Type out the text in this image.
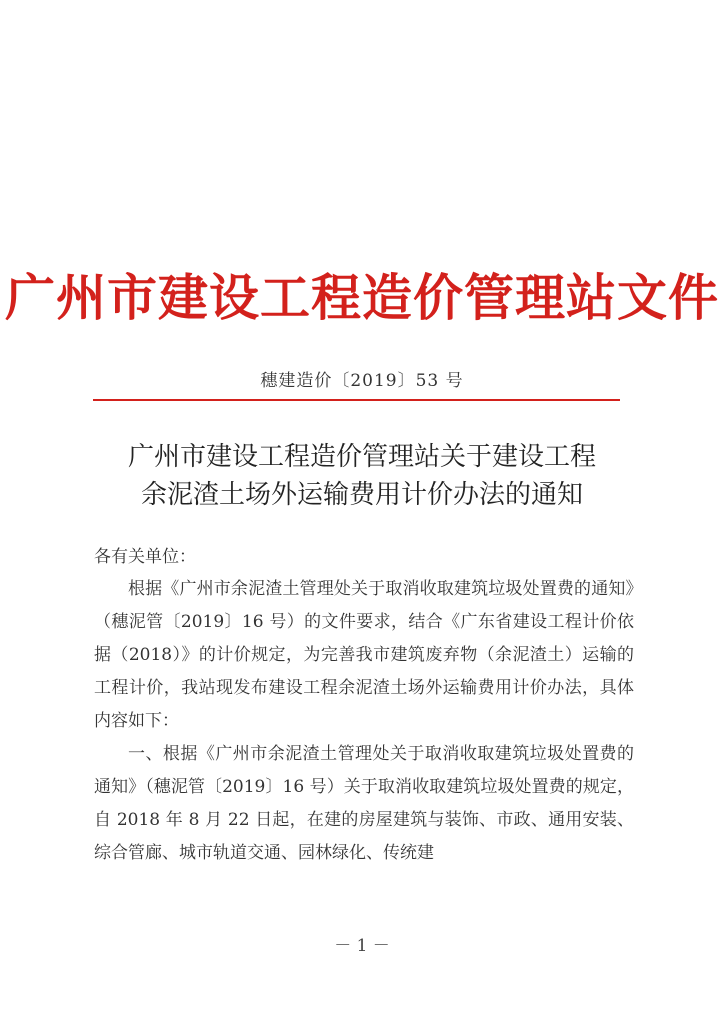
广州市建设工程造价管理站文件
穗建造价〔2019〕53 号
广州市建设工程造价管理站关于建设工程
余泥渣土场外运输费用计价办法的通知
各有关单位：

根据《广州市余泥渣土管理处关于取消收取建筑垃圾处置费的通知》（穗泥管〔2019〕16 号）的文件要求，结合《广东省建设工程计价依据（2018）》的计价规定，为完善我市建筑废弃物（余泥渣土）运输的工程计价，我站现发布建设工程余泥渣土场外运输费用计价办法，具体内容如下：

一、根据《广州市余泥渣土管理处关于取消收取建筑垃圾处置费的通知》（穗泥管〔2019〕16 号）关于取消收取建筑垃圾处置费的规定，自 2018 年 8 月 22 日起，在建的房屋建筑与装饰、市政、通用安装、综合管廊、城市轨道交通、园林绿化、传统建

－ 1 －
